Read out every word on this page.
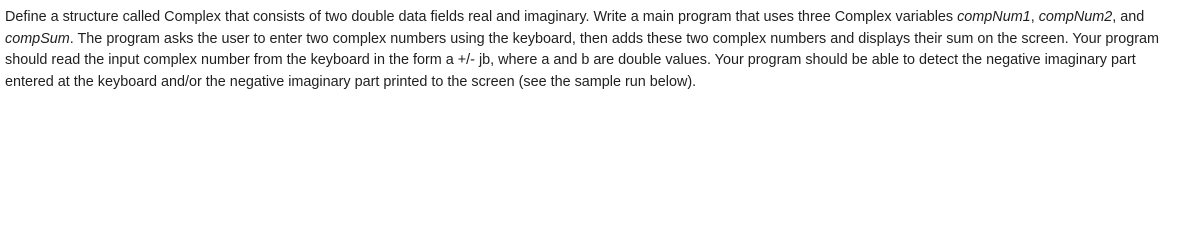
Define a structure called Complex that consists of two double data fields real and imaginary. Write a main program that uses three Complex variables compNum1, compNum2, and
compSum. The program asks the user to enter two complex numbers using the keyboard, then adds these two complex numbers and displays their sum on the screen. Your program
should read the input complex number from the keyboard in the form a +/- jb, where a and b are double values. Your program should be able to detect the negative imaginary part
entered at the keyboard and/or the negative imaginary part printed to the screen (see the sample run below).
